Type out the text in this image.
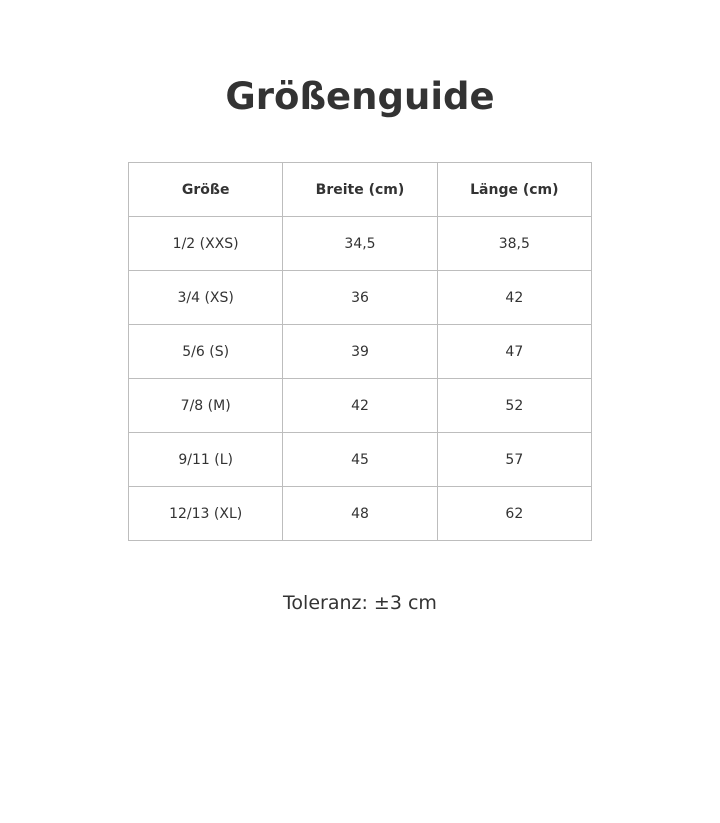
Größenguide
Größe	Breite (cm)	Länge (cm)
1/2 (XXS)	34,5	38,5
3/4 (XS)	36	42
5/6 (S)	39	47
7/8 (M)	42	52
9/11 (L)	45	57
12/13 (XL)	48	62
Toleranz: ±3 cm
